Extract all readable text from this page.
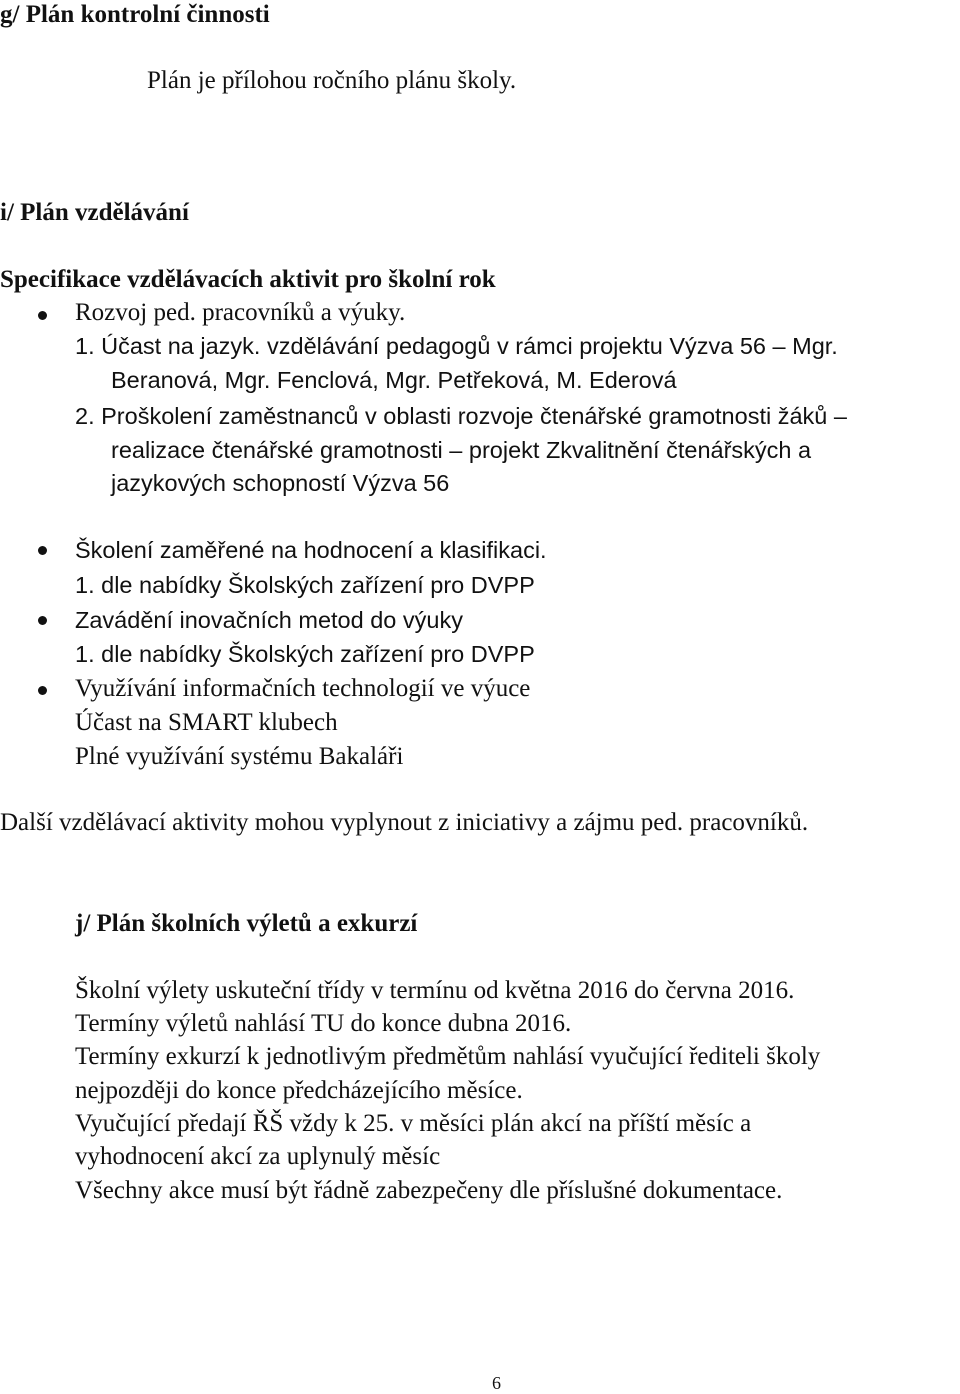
g/ Plán kontrolní činnosti
Plán je přílohou ročního plánu školy.
i/ Plán vzdělávání
Specifikace vzdělávacích aktivit pro školní rok
Rozvoj ped. pracovníků a výuky.
1. Účast na jazyk. vzdělávání pedagogů v rámci projektu Výzva 56 – Mgr.
Beranová, Mgr. Fenclová, Mgr. Petřeková, M. Ederová
2. Proškolení zaměstnanců v oblasti rozvoje čtenářské gramotnosti žáků –
realizace čtenářské gramotnosti – projekt Zkvalitnění čtenářských a
jazykových schopností Výzva 56
Školení zaměřené na hodnocení a klasifikaci.
1. dle nabídky Školských zařízení pro DVPP
Zavádění inovačních metod do výuky
1. dle nabídky Školských zařízení pro DVPP
Využívání informačních technologií ve výuce
Účast na SMART klubech
Plné využívání systému Bakaláři
Další vzdělávací aktivity mohou vyplynout z iniciativy a zájmu ped. pracovníků.
j/ Plán školních výletů a exkurzí
Školní výlety uskuteční třídy v termínu od května 2016 do června 2016.
Termíny výletů nahlásí TU do konce dubna 2016.
Termíny exkurzí k jednotlivým předmětům nahlásí vyučující řediteli školy
nejpozději do konce předcházejícího měsíce.
Vyučující předají ŘŠ vždy k 25. v měsíci plán akcí na příští měsíc a
vyhodnocení akcí za uplynulý měsíc
Všechny akce musí být řádně zabezpečeny dle příslušné dokumentace.
6
